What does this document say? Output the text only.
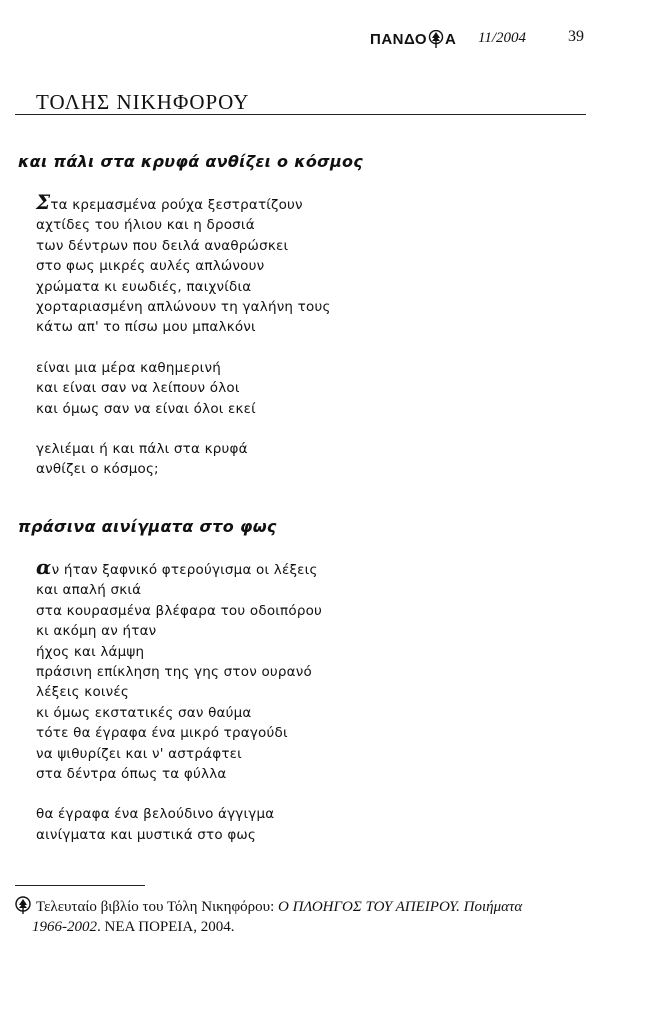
ΠΑΝΔΟ Α 11/2004	39
ΤΟΛΗΣ ΝΙΚΗΦΟΡΟΥ
και πάλι στα κρυφά ανθίζει ο κόσμος
Στα κρεμασμένα ρούχα ξεστρατίζουν
αχτίδες του ήλιου και η δροσιά
των δέντρων που δειλά αναθρώσκει
στο φως μικρές αυλές απλώνουν
χρώματα κι ευωδιές, παιχνίδια
χορταριασμένη απλώνουν τη γαλήνη τους
κάτω απ' το πίσω μου μπαλκόνι
είναι μια μέρα καθημερινή
και είναι σαν να λείπουν όλοι
και όμως σαν να είναι όλοι εκεί
γελιέμαι ή και πάλι στα κρυφά
ανθίζει ο κόσμος;
πράσινα αινίγματα στο φως
αν ήταν ξαφνικό φτερούγισμα οι λέξεις
και απαλή σκιά
στα κουρασμένα βλέφαρα του οδοιπόρου
κι ακόμη αν ήταν
ήχος και λάμψη
πράσινη επίκληση της γης στον ουρανό
λέξεις κοινές
κι όμως εκστατικές σαν θαύμα
τότε θα έγραφα ένα μικρό τραγούδι
να ψιθυρίζει και ν' αστράφτει
στα δέντρα όπως τα φύλλα
θα έγραφα ένα βελούδινο άγγιγμα
αινίγματα και μυστικά στο φως
Τελευταίο βιβλίο του Τόλη Νικηφόρου: Ο ΠΛΟΗΓΟΣ ΤΟΥ ΑΠΕΙΡΟΥ. Ποιήματα
1966-2002. ΝΕΑ ΠΟΡΕΙΑ, 2004.
